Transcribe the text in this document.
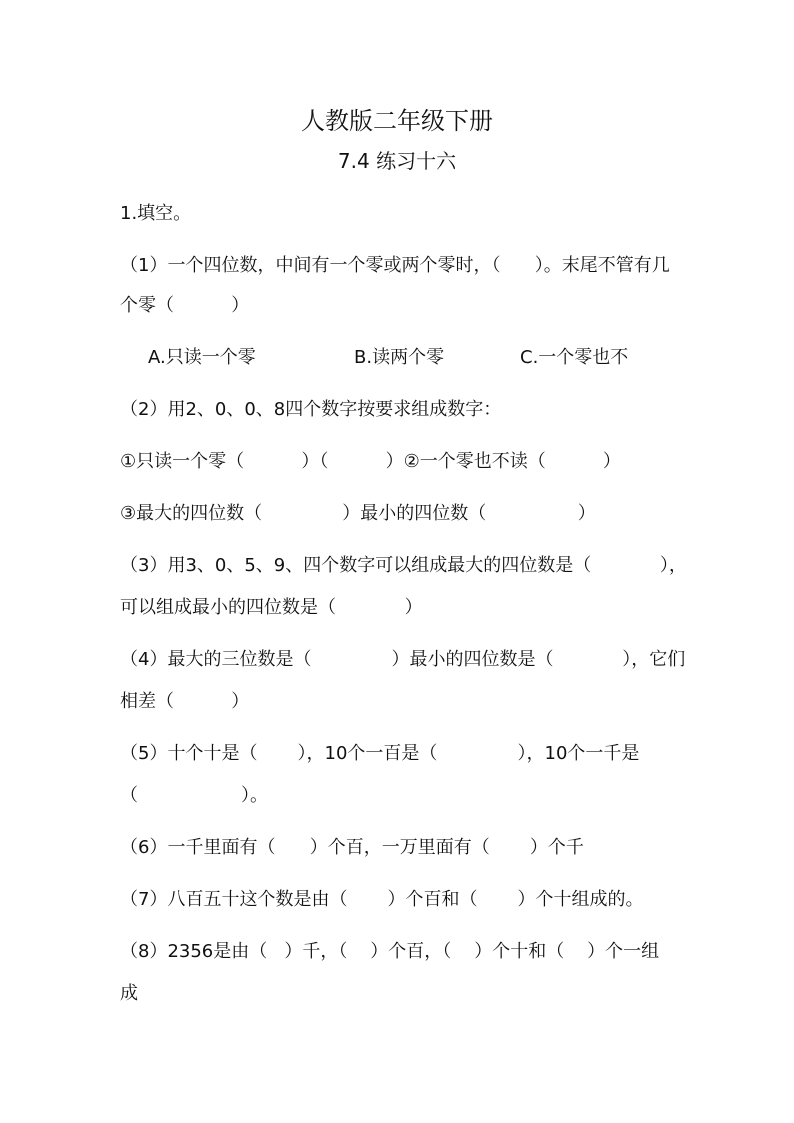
人教版二年级下册
7.4 练习十六
1.填空。
（1）一个四位数，中间有一个零或两个零时，（      ）。末尾不管有几
个零（          ）
A.只读一个零	B.读两个零	C.一个零也不
（2）用2、0、0、8四个数字按要求组成数字：
①只读一个零（          ）（          ）②一个零也不读（          ）
③最大的四位数（              ）最小的四位数（                ）
（3）用3、0、5、9、四个数字可以组成最大的四位数是（            ），
可以组成最小的四位数是（            ）
（4）最大的三位数是（              ）最小的四位数是（            ），它们
相差（          ）
（5）十个十是（       ），10个一百是（              ），10个一千是
（                  ）。
（6）一千里面有（      ）个百，一万里面有（       ）个千
（7）八百五十这个数是由（       ）个百和（       ）个十组成的。
（8）2356是由（   ）千，（    ）个百，（    ）个十和（    ）个一组
成
